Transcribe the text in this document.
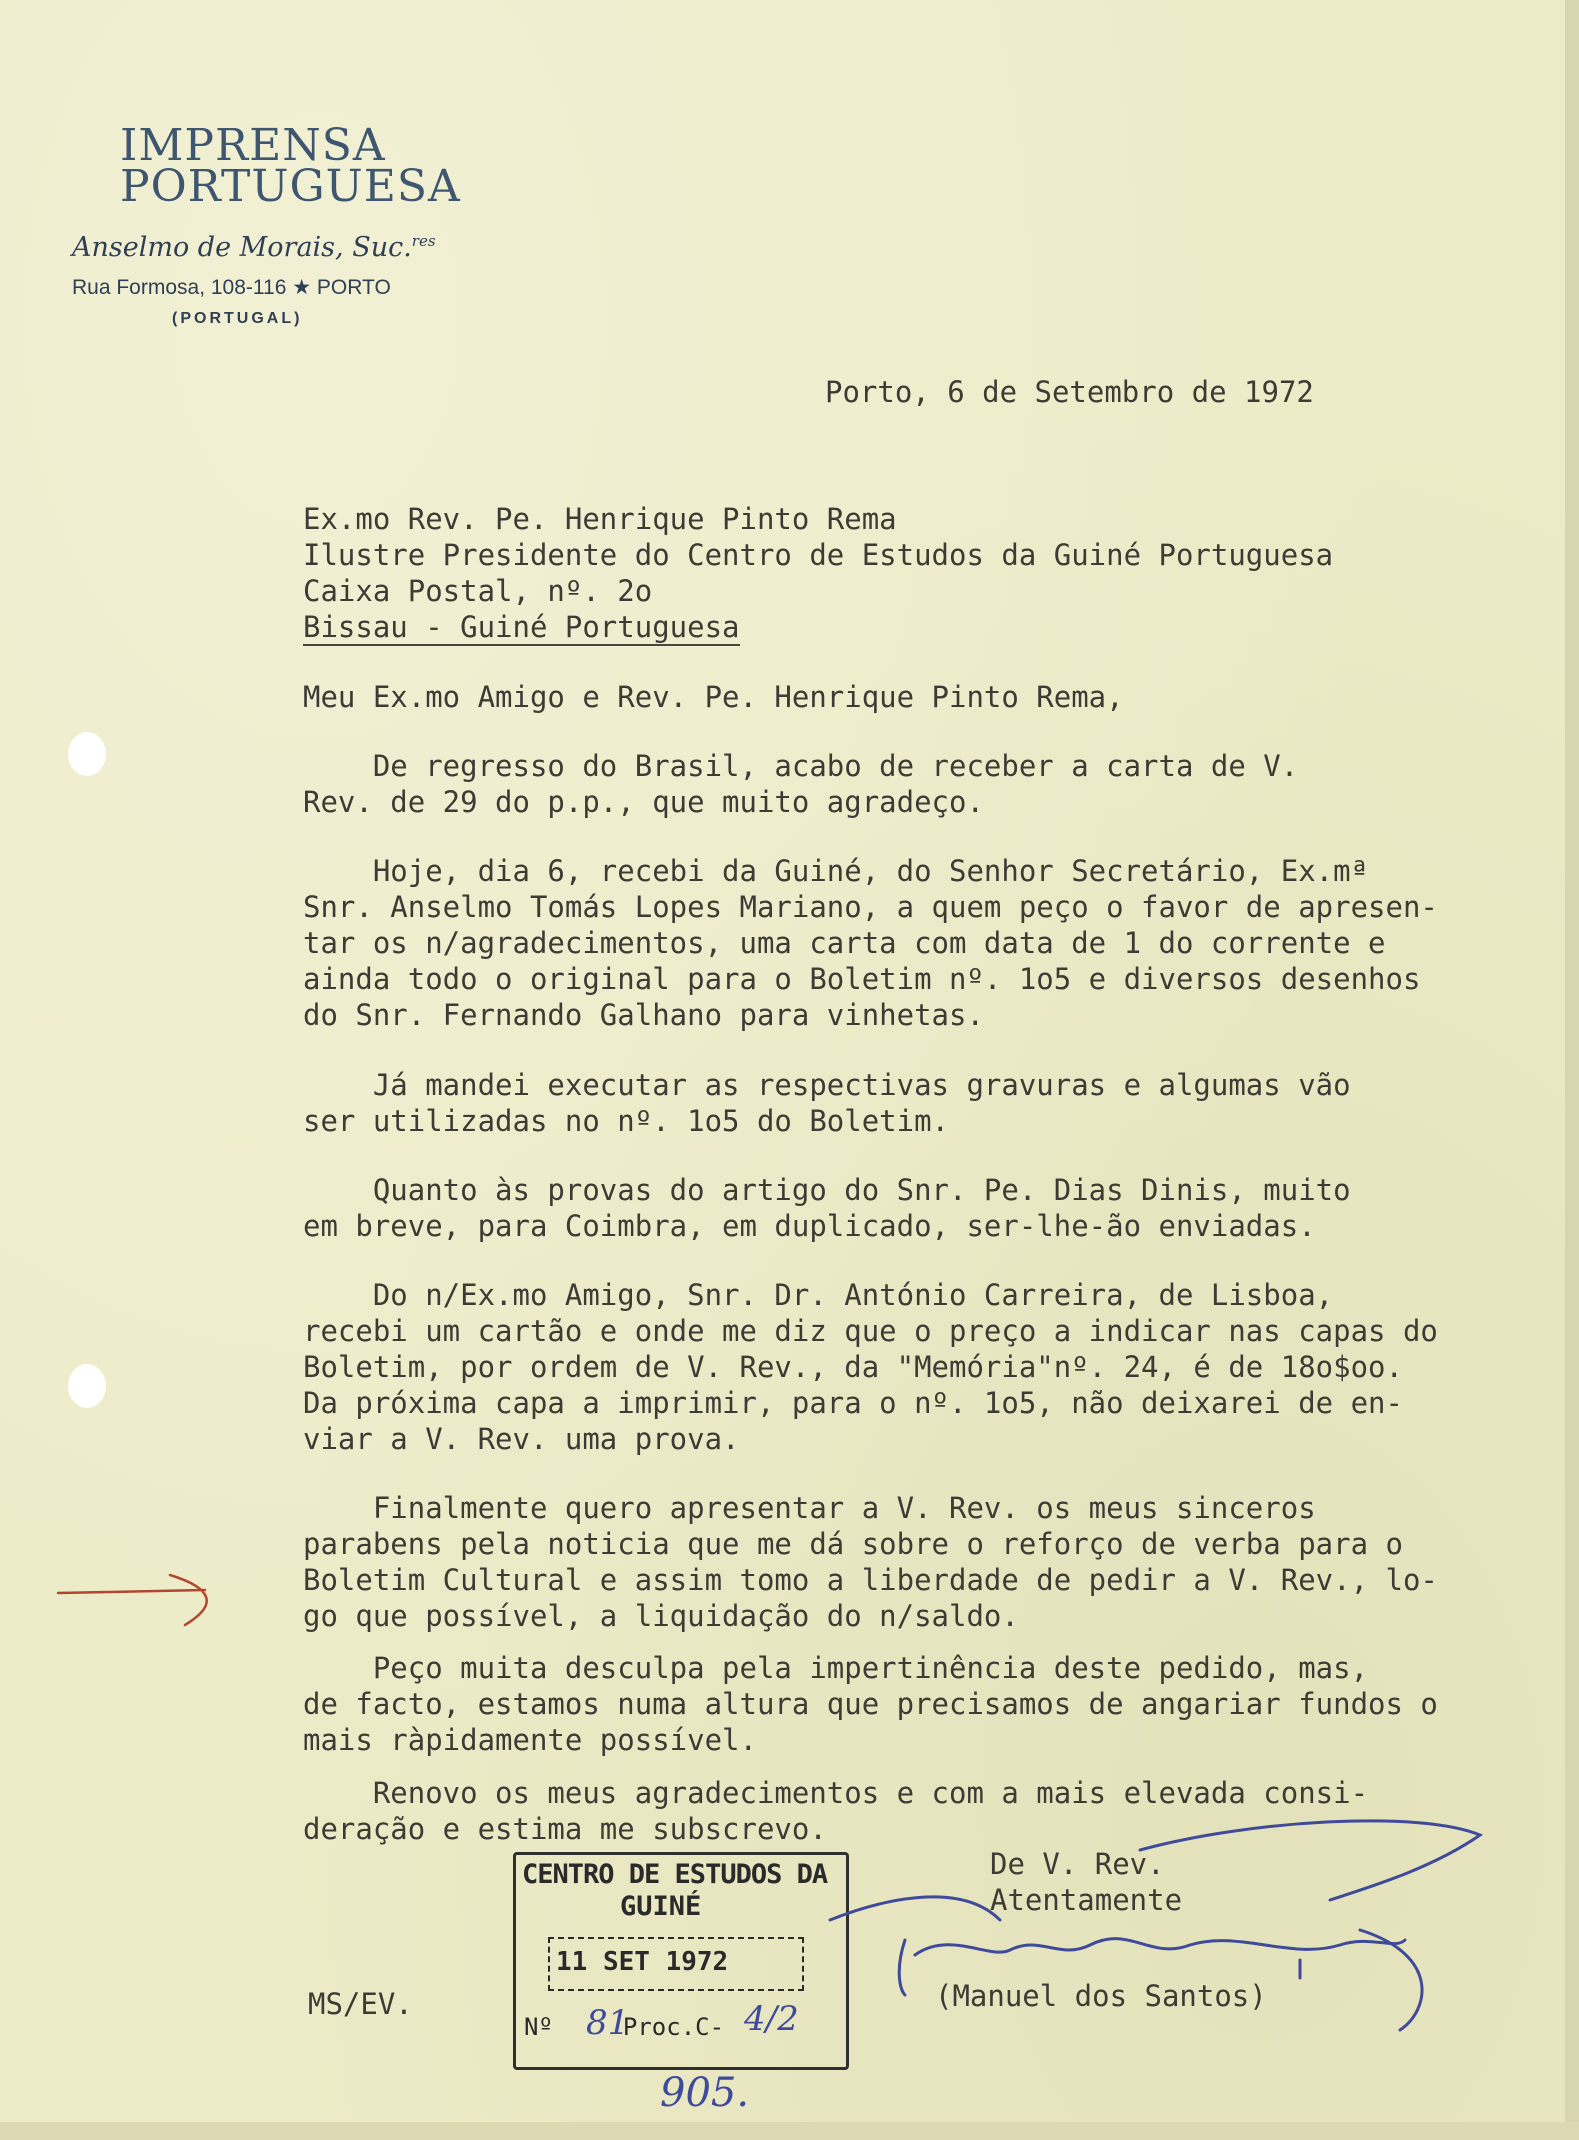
IMPRENSA
PORTUGUESA
Anselmo de Morais, Suc.$^{res}$
Rua Formosa, 108-116 ★ PORTO
(PORTUGAL)
Porto, 6 de Setembro de 1972
Ex.mo Rev. Pe. Henrique Pinto Rema
Ilustre Presidente do Centro de Estudos da Guiné Portuguesa
Caixa Postal, nº. 2o
Bissau - Guiné Portuguesa
Meu Ex.mo Amigo e Rev. Pe. Henrique Pinto Rema,
De regresso do Brasil, acabo de receber a carta de V.
Rev. de 29 do p.p., que muito agradeço.
Hoje, dia 6, recebi da Guiné, do Senhor Secretário, Ex.mª
Snr. Anselmo Tomás Lopes Mariano, a quem peço o favor de apresen-
tar os n/agradecimentos, uma carta com data de 1 do corrente e
ainda todo o original para o Boletim nº. 1o5 e diversos desenhos
do Snr. Fernando Galhano para vinhetas.
Já mandei executar as respectivas gravuras e algumas vão
ser utilizadas no nº. 1o5 do Boletim.
Quanto às provas do artigo do Snr. Pe. Dias Dinis, muito
em breve, para Coimbra, em duplicado, ser-lhe-ão enviadas.
Do n/Ex.mo Amigo, Snr. Dr. António Carreira, de Lisboa,
recebi um cartão e onde me diz que o preço a indicar nas capas do
Boletim, por ordem de V. Rev., da "Memória"nº. 24, é de 18o$oo.
Da próxima capa a imprimir, para o nº. 1o5, não deixarei de en-
viar a V. Rev. uma prova.
Finalmente quero apresentar a V. Rev. os meus sinceros
parabens pela noticia que me dá sobre o reforço de verba para o
Boletim Cultural e assim tomo a liberdade de pedir a V. Rev., lo-
go que possível, a liquidação do n/saldo.
Peço muita desculpa pela impertinência deste pedido, mas,
de facto, estamos numa altura que precisamos de angariar fundos o
mais ràpidamente possível.
Renovo os meus agradecimentos e com a mais elevada consi-
deração e estima me subscrevo.
De V. Rev.
Atentamente
(Manuel dos Santos)
MS/EV.
CENTRO DE ESTUDOS DA
GUINÉ
11 SET 1972
Nº	Proc.C-
81	4/2
905.
